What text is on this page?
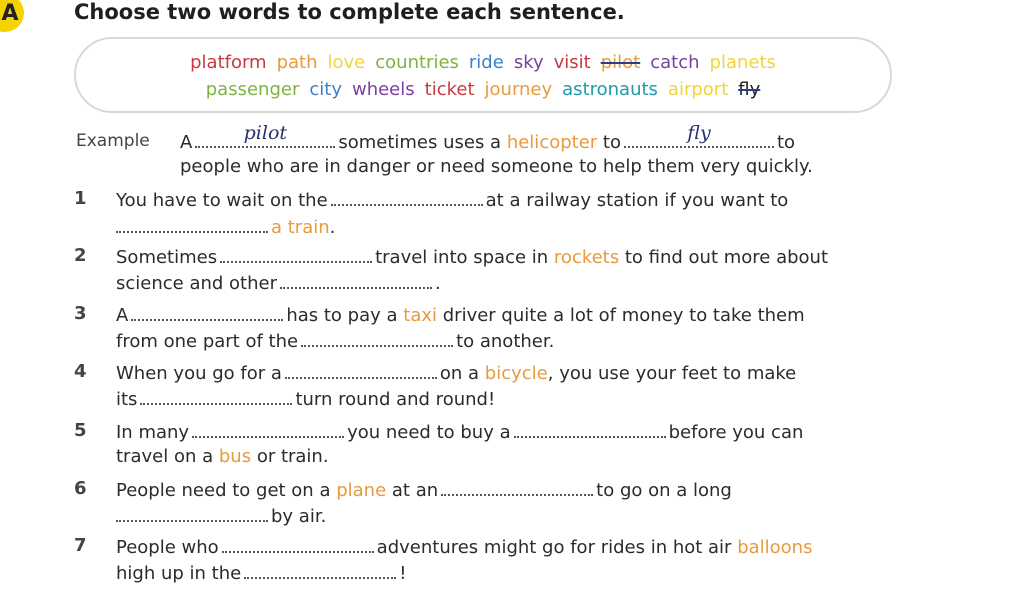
A	Choose two words to complete each sentence.
platform path love countries ride sky visit pilot catch planets
passenger city wheels ticket journey astronauts airport fly
Example A	pilot	sometimes uses a helicopter to	fly	to
people who are in danger or need someone to help them very quickly.
1 You have to wait on the	at a railway station if you want to
a train.
2 Sometimes	travel into space in rockets to find out more about
science and other	.
3 A	has to pay a taxi driver quite a lot of money to take them
from one part of the	to another.
4 When you go for a	on a bicycle, you use your feet to make
its	turn round and round!
5 In many	you need to buy a	before you can
travel on a bus or train.
6 People need to get on a plane at an	to go on a long
by air.
7 People who	adventures might go for rides in hot air balloons
high up in the	!
